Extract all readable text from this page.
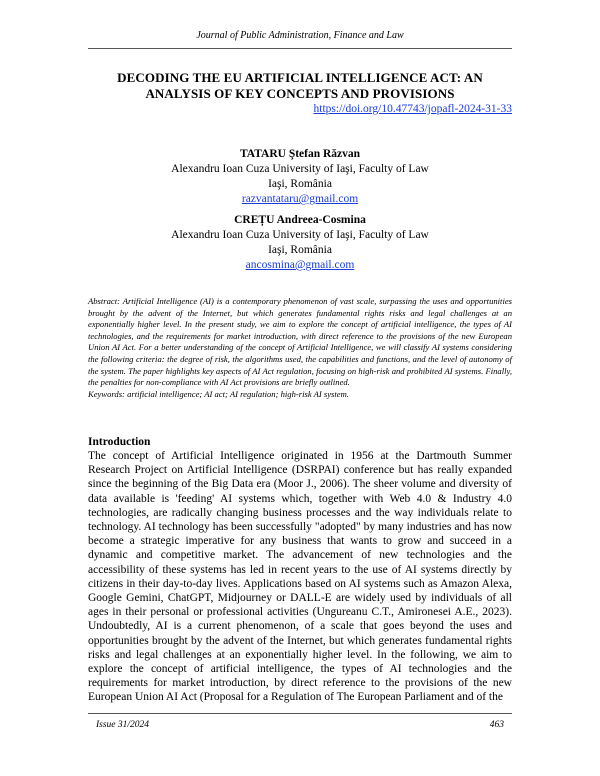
Journal of Public Administration, Finance and Law
DECODING THE EU ARTIFICIAL INTELLIGENCE ACT: AN
ANALYSIS OF KEY CONCEPTS AND PROVISIONS
https://doi.org/10.47743/jopafl-2024-31-33
TATARU Ştefan Răzvan
Alexandru Ioan Cuza University of Iaşi, Faculty of Law
Iaşi, România
razvantataru@gmail.com
CREȚU Andreea-Cosmina
Alexandru Ioan Cuza University of Iaşi, Faculty of Law
Iaşi, România
ancosmina@gmail.com
Abstract: Artificial Intelligence (AI) is a contemporary phenomenon of vast scale, surpassing the uses and opportunities brought by the advent of the Internet, but which generates fundamental rights risks and legal challenges at an exponentially higher level. In the present study, we aim to explore the concept of artificial intelligence, the types of AI technologies, and the requirements for market introduction, with direct reference to the provisions of the new European Union AI Act. For a better understanding of the concept of Artificial Intelligence, we will classify AI systems considering the following criteria: the degree of risk, the algorithms used, the capabilities and functions, and the level of autonomy of the system. The paper highlights key aspects of AI Act regulation, focusing on high-risk and prohibited AI systems. Finally, the penalties for non-compliance with AI Act provisions are briefly outlined.
Keywords: artificial intelligence; AI act; AI regulation; high-risk AI system.
Introduction
The concept of Artificial Intelligence originated in 1956 at the Dartmouth Summer Research Project on Artificial Intelligence (DSRPAI) conference but has really expanded since the beginning of the Big Data era (Moor J., 2006). The sheer volume and diversity of data available is 'feeding' AI systems which, together with Web 4.0 & Industry 4.0 technologies, are radically changing business processes and the way individuals relate to technology. AI technology has been successfully "adopted" by many industries and has now become a strategic imperative for any business that wants to grow and succeed in a dynamic and competitive market. The advancement of new technologies and the accessibility of these systems has led in recent years to the use of AI systems directly by citizens in their day-to-day lives. Applications based on AI systems such as Amazon Alexa, Google Gemini, ChatGPT, Midjourney or DALL-E are widely used by individuals of all ages in their personal or professional activities (Ungureanu C.T., Amironesei A.E., 2023). Undoubtedly, AI is a current phenomenon, of a scale that goes beyond the uses and opportunities brought by the advent of the Internet, but which generates fundamental rights risks and legal challenges at an exponentially higher level. In the following, we aim to explore the concept of artificial intelligence, the types of AI technologies and the requirements for market introduction, by direct reference to the provisions of the new European Union AI Act (Proposal for a Regulation of The European Parliament and of the
Issue 31/2024	463
